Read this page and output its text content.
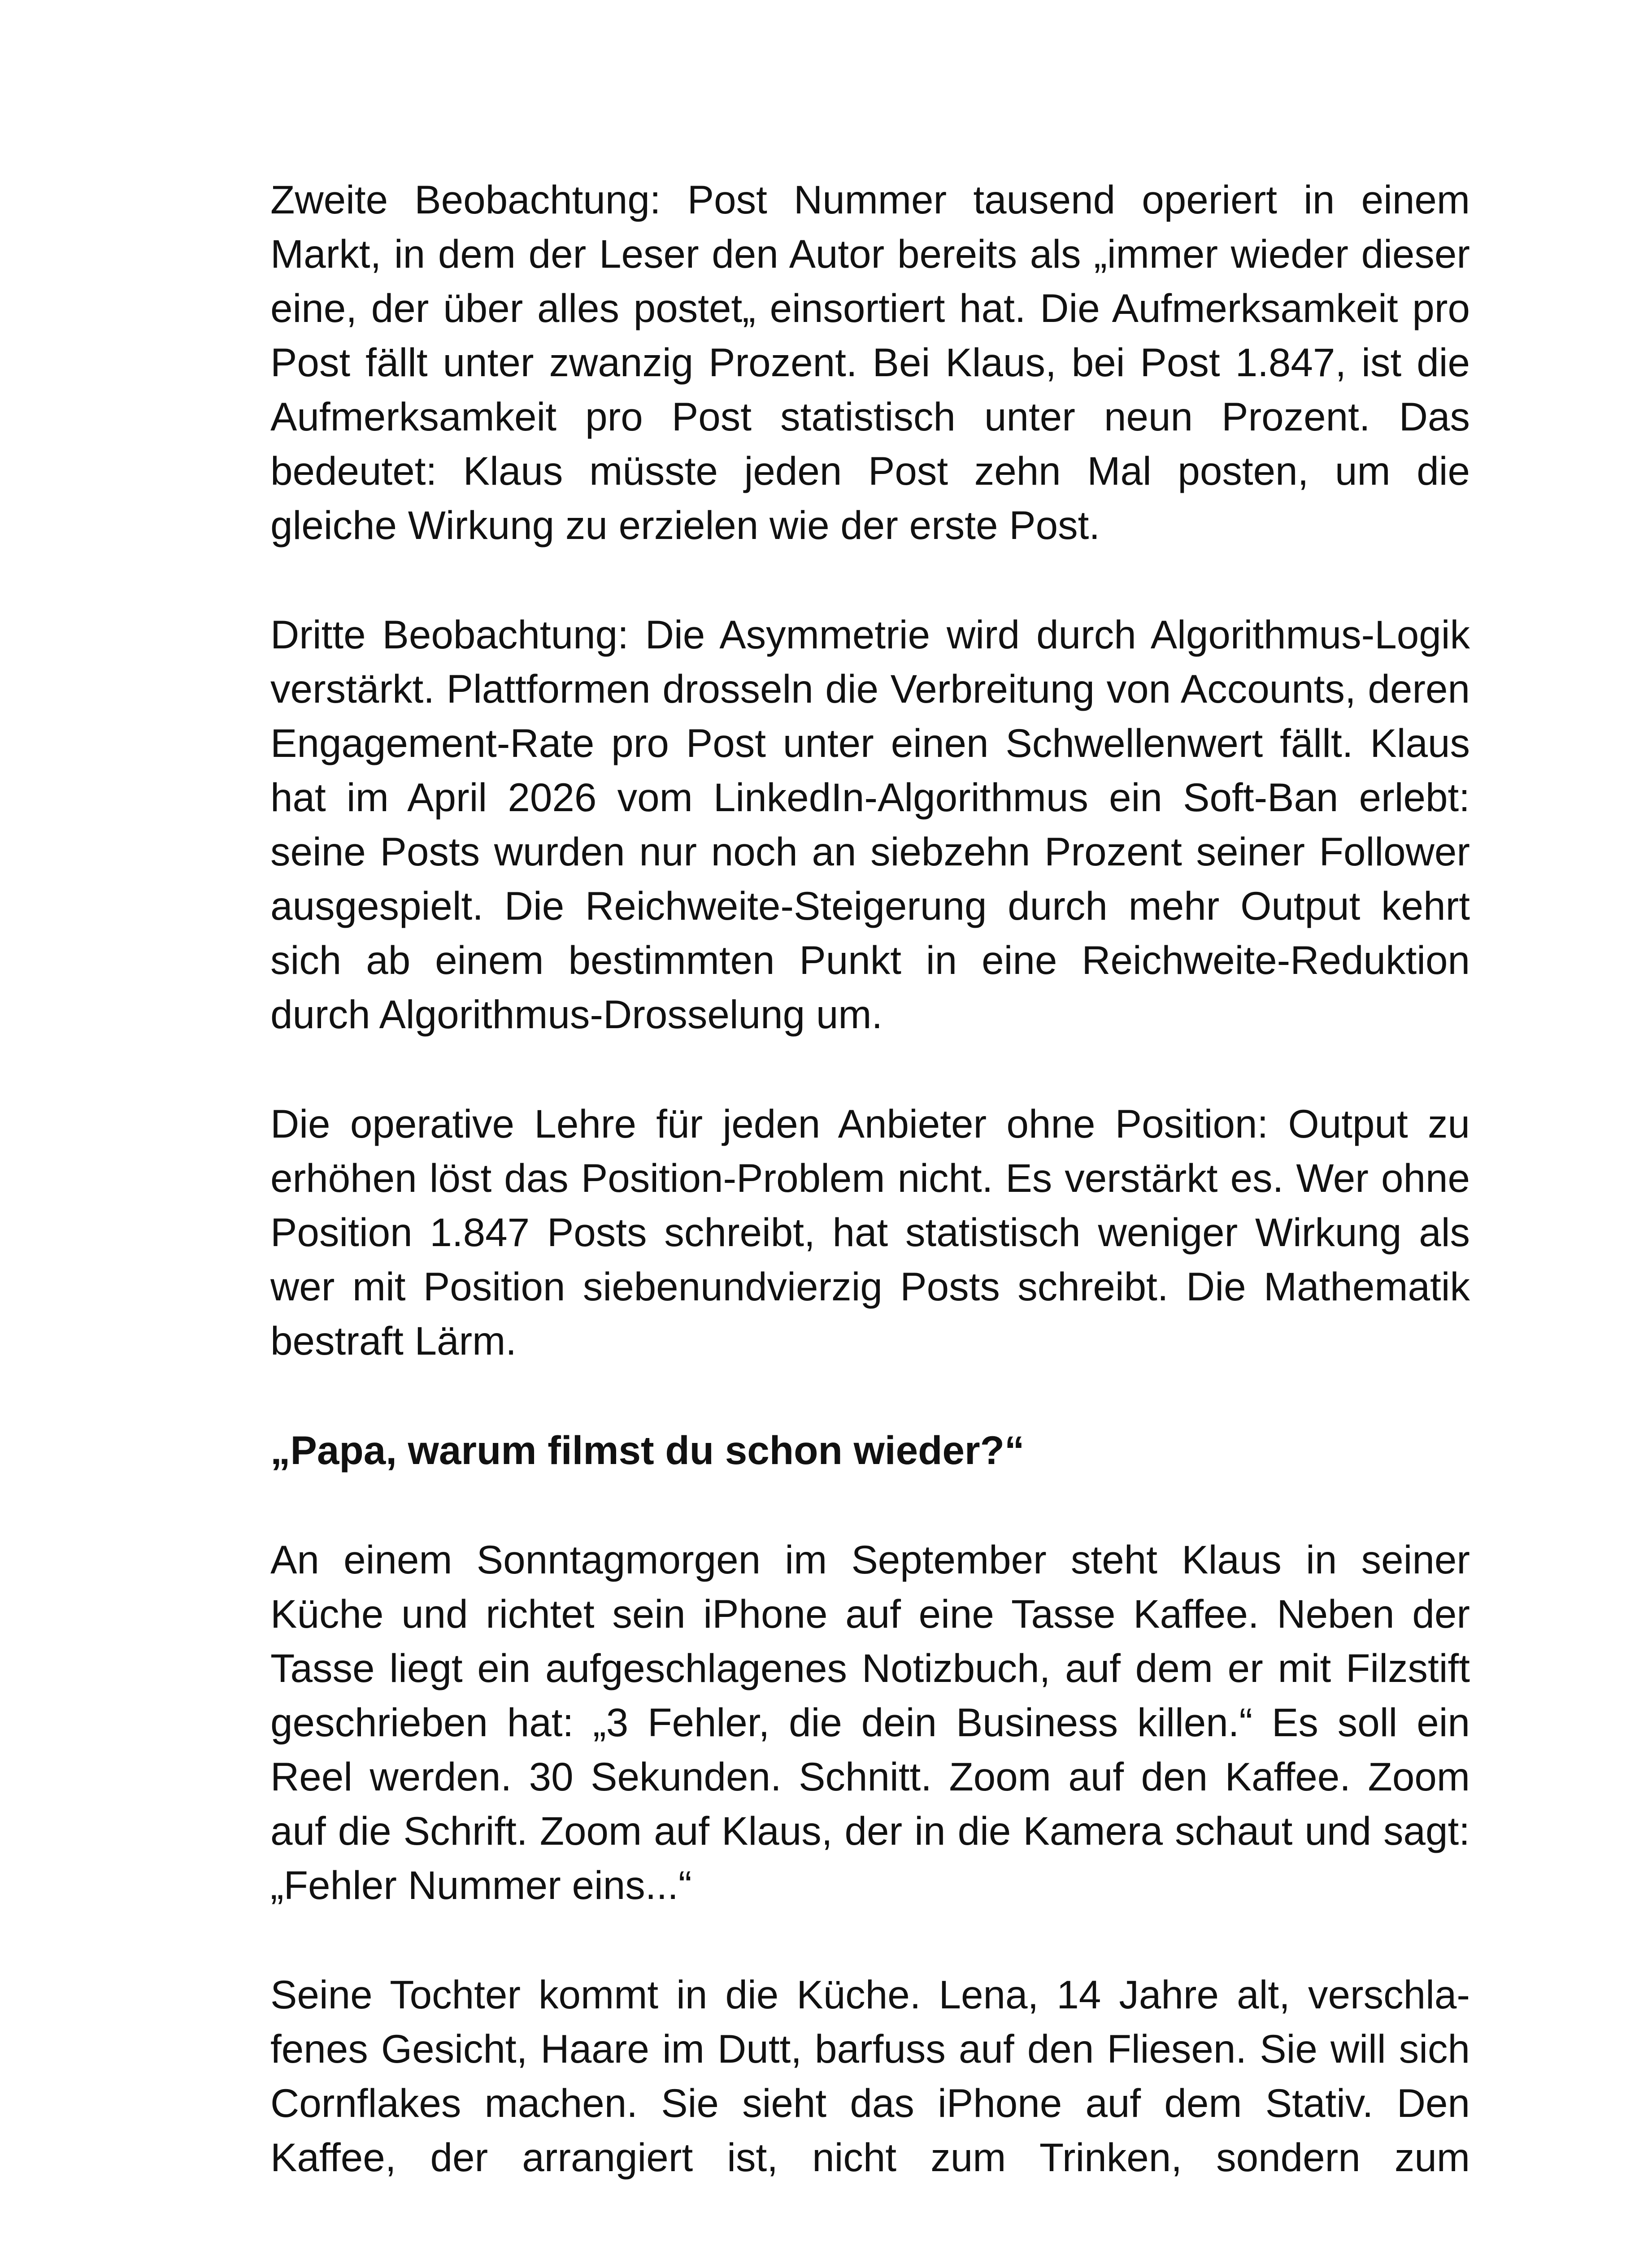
Zweite Beobachtung: Post Nummer tausend operiert in einem Markt, in dem der Leser den Autor bereits als „immer wieder dieser eine, der über alles postet„ einsortiert hat. Die Aufmerksamkeit pro Post fällt unter zwanzig Prozent. Bei Klaus, bei Post 1.847, ist die Aufmerksamkeit pro Post statistisch unter neun Prozent. Das bedeutet: Klaus müsste jeden Post zehn Mal posten, um die gleiche Wirkung zu erzielen wie der erste Post.

Dritte Beobachtung: Die Asymmetrie wird durch Algorithmus-Logik verstärkt. Plattformen drosseln die Verbreitung von Accounts, deren Engagement-Rate pro Post unter einen Schwellenwert fällt. Klaus hat im April 2026 vom LinkedIn-Algorithmus ein Soft-Ban erlebt: seine Posts wurden nur noch an siebzehn Prozent seiner Follower ausgespielt. Die Reichweite-Steigerung durch mehr Output kehrt sich ab einem bestimmten Punkt in eine Reichweite-Reduktion durch Algorithmus-Drosselung um.

Die operative Lehre für jeden Anbieter ohne Position: Output zu erhöhen löst das Position-Problem nicht. Es verstärkt es. Wer ohne Position 1.847 Posts schreibt, hat statistisch weniger Wirkung als wer mit Position siebenundvierzig Posts schreibt. Die Mathematik bestraft Lärm.

„Papa, warum filmst du schon wieder?“

An einem Sonntagmorgen im September steht Klaus in seiner Küche und richtet sein iPhone auf eine Tasse Kaffee. Neben der Tasse liegt ein aufgeschlagenes Notizbuch, auf dem er mit Filzstift geschrieben hat: „3 Fehler, die dein Business killen.“ Es soll ein Reel werden. 30 Sekunden. Schnitt. Zoom auf den Kaffee. Zoom auf die Schrift. Zoom auf Klaus, der in die Kamera schaut und sagt: „Fehler Nummer eins...“

Seine Tochter kommt in die Küche. Lena, 14 Jahre alt, verschlafenes Gesicht, Haare im Dutt, barfuss auf den Fliesen. Sie will sich Cornflakes machen. Sie sieht das iPhone auf dem Stativ. Den Kaffee, der arrangiert ist, nicht zum Trinken, sondern zum
